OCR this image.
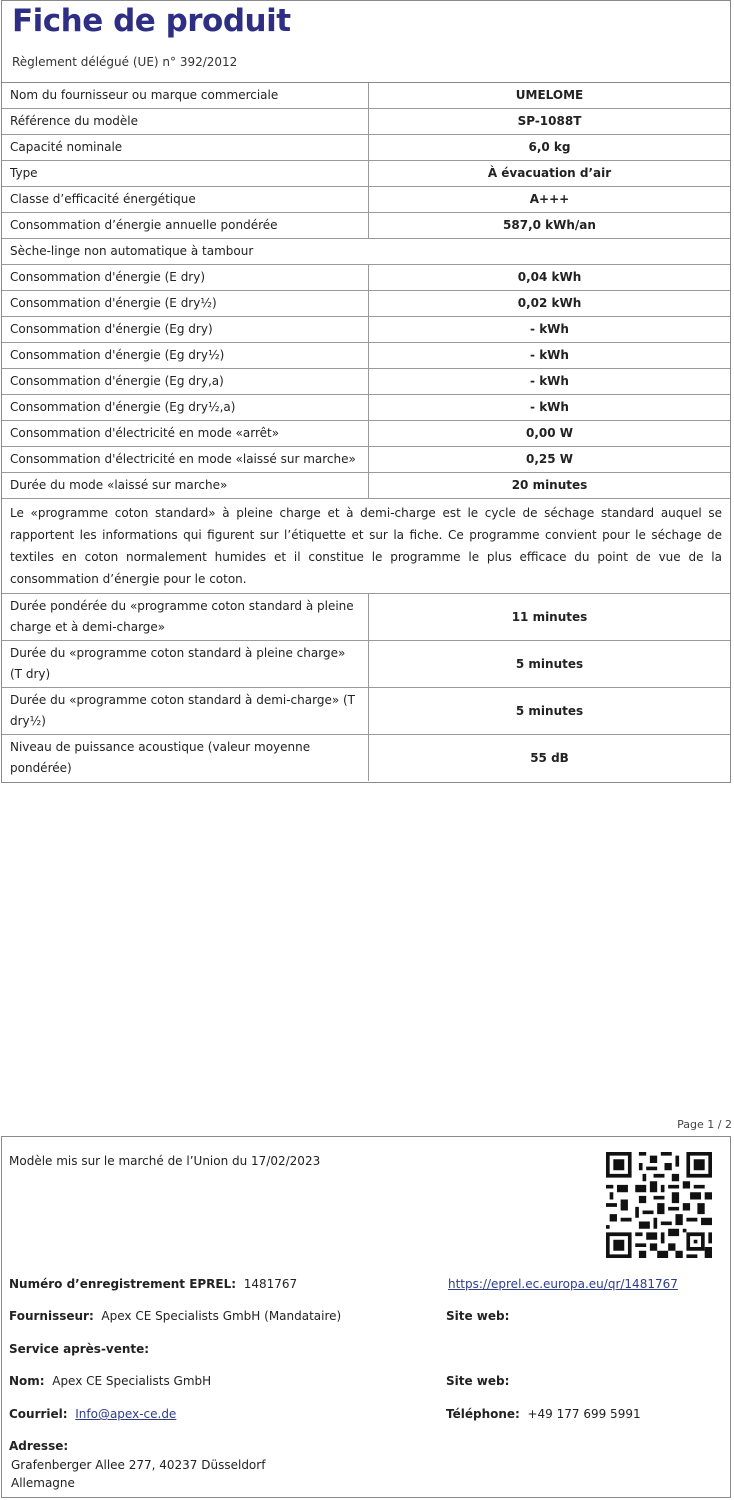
Fiche de produit
Règlement délégué (UE) n° 392/2012
Nom du fournisseur ou marque commerciale	UMELOME
Référence du modèle	SP-1088T
Capacité nominale	6,0 kg
Type	À évacuation d’air
Classe d’efficacité énergétique	A+++
Consommation d’énergie annuelle pondérée	587,0 kWh/an
Sèche-linge non automatique à tambour	
Consommation d'énergie (E dry)	0,04 kWh
Consommation d'énergie (E dry½)	0,02 kWh
Consommation d'énergie (Eg dry)	- kWh
Consommation d'énergie (Eg dry½)	- kWh
Consommation d'énergie (Eg dry,a)	- kWh
Consommation d'énergie (Eg dry½,a)	- kWh
Consommation d'électricité en mode «arrêt»	0,00 W
Consommation d'électricité en mode «laissé sur marche»	0,25 W
Durée du mode «laissé sur marche»	20 minutes
Le «programme coton standard» à pleine charge et à demi-charge est le cycle de séchage standard auquel se rapportent les informations qui figurent sur l’étiquette et sur la fiche. Ce programme convient pour le séchage de textiles en coton normalement humides et il constitue le programme le plus efficace du point de vue de la consommation d’énergie pour le coton.	
Durée pondérée du «programme coton standard à pleine charge et à demi-charge»	11 minutes
Durée du «programme coton standard à pleine charge» (T dry)	5 minutes
Durée du «programme coton standard à demi-charge» (T dry½)	5 minutes
Niveau de puissance acoustique (valeur moyenne pondérée)	55 dB
Page 1 / 2
Modèle mis sur le marché de l’Union du 17/02/2023
Numéro d’enregistrement EPREL: 1481767	https://eprel.ec.europa.eu/qr/1481767
Fournisseur: Apex CE Specialists GmbH (Mandataire)	Site web:
Service après-vente:
Nom: Apex CE Specialists GmbH	Site web:
Courriel: Info@apex-ce.de	Téléphone: +49 177 699 5991
Adresse:
Grafenberger Allee 277, 40237 Düsseldorf
Allemagne
